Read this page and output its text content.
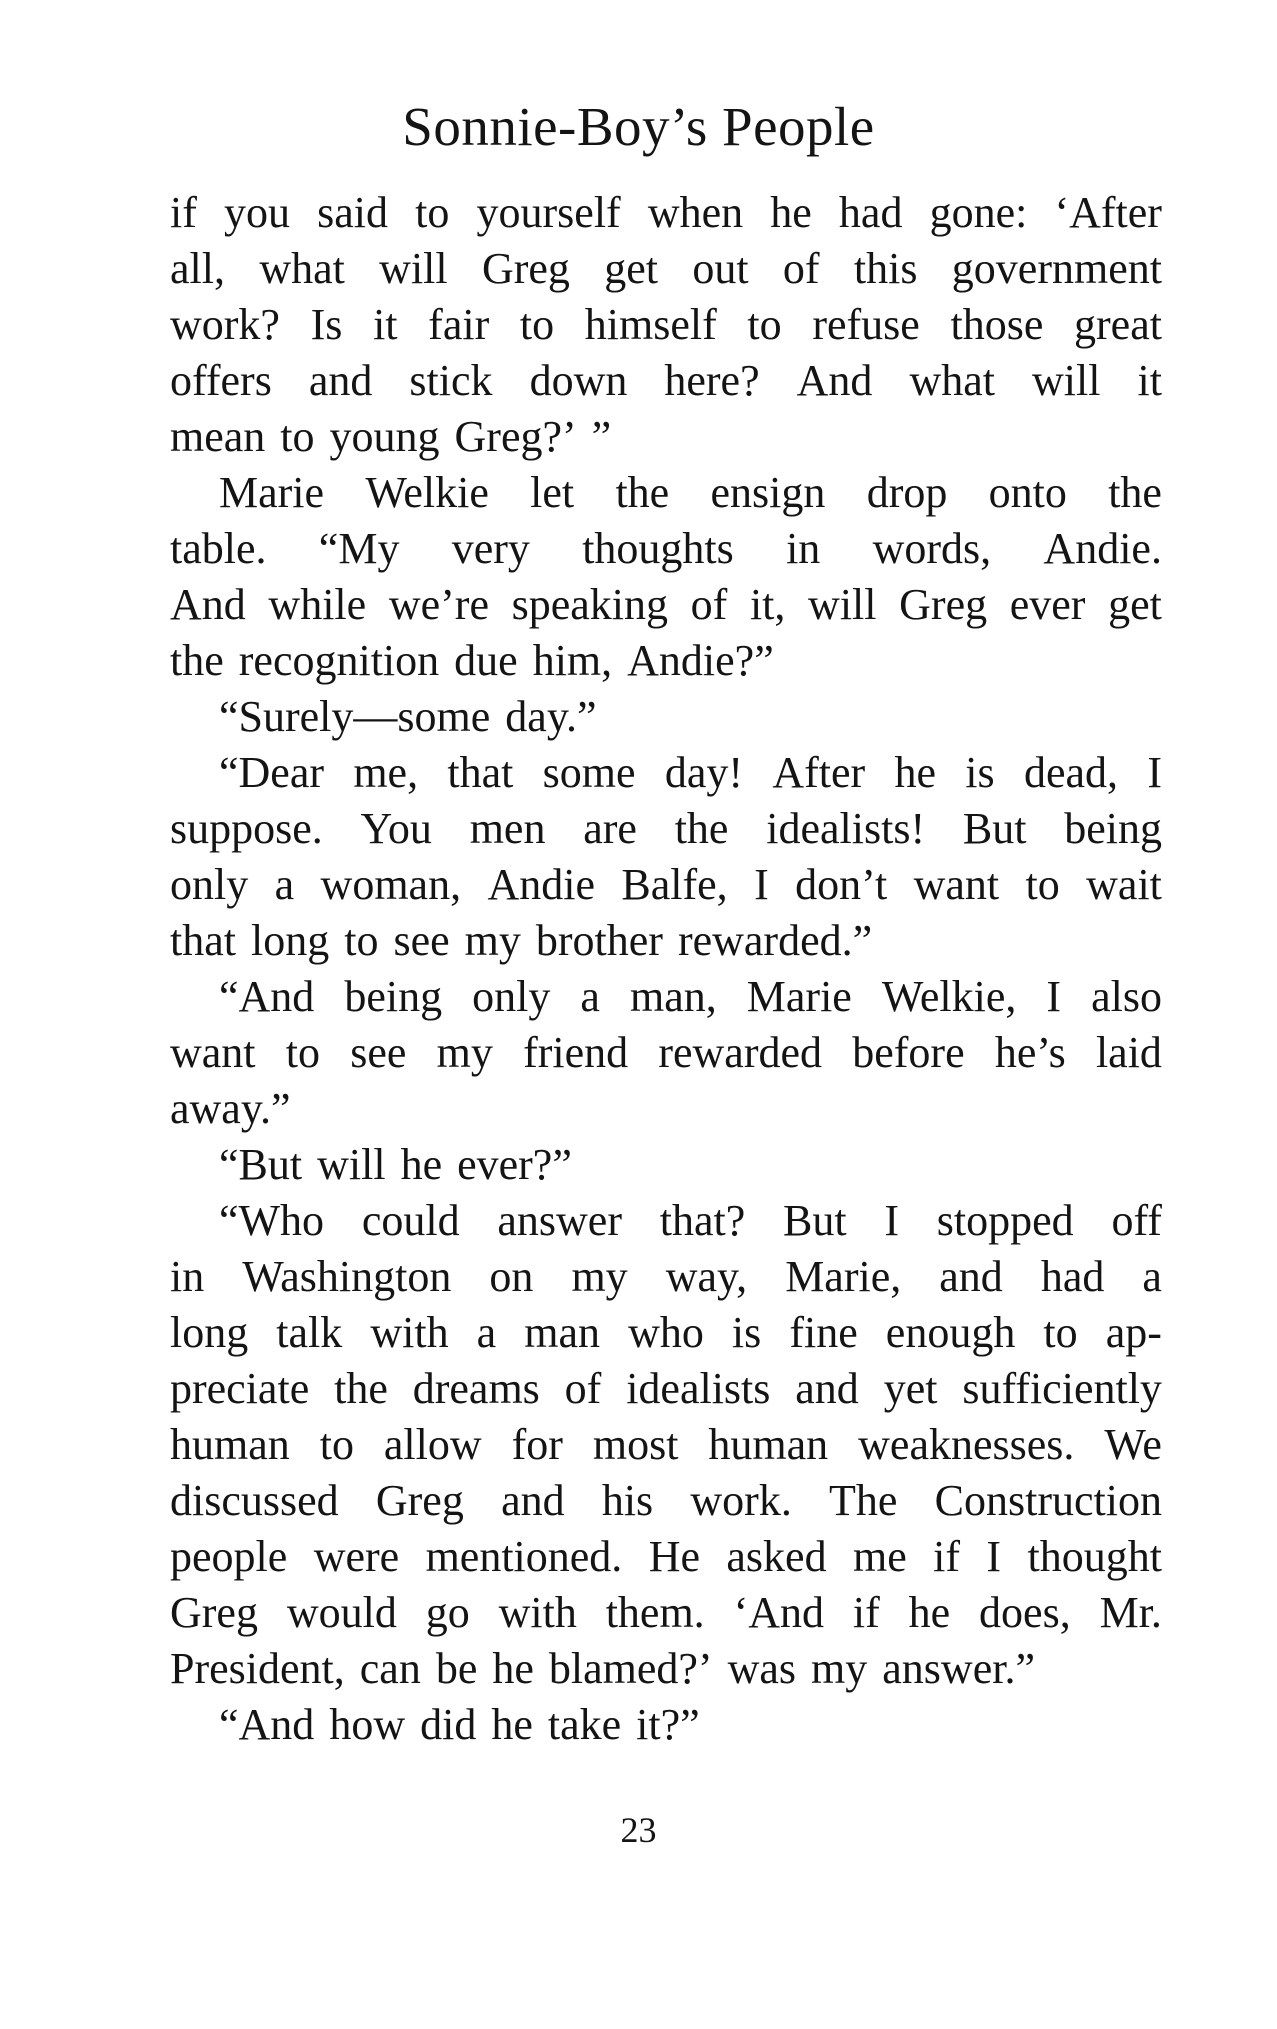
Sonnie-Boy’s People
if you said to yourself when he had gone: ‘After
all, what will Greg get out of this government
work? Is it fair to himself to refuse those great
offers and stick down here? And what will it
mean to young Greg?’ ”
Marie Welkie let the ensign drop onto the
table. “My very thoughts in words, Andie.
And while we’re speaking of it, will Greg ever get
the recognition due him, Andie?”
“Surely—some day.”
“Dear me, that some day! After he is dead, I
suppose. You men are the idealists! But being
only a woman, Andie Balfe, I don’t want to wait
that long to see my brother rewarded.”
“And being only a man, Marie Welkie, I also
want to see my friend rewarded before he’s laid
away.”
“But will he ever?”
“Who could answer that? But I stopped off
in Washington on my way, Marie, and had a
long talk with a man who is fine enough to ap-
preciate the dreams of idealists and yet sufficiently
human to allow for most human weaknesses. We
discussed Greg and his work. The Construction
people were mentioned. He asked me if I thought
Greg would go with them. ‘And if he does, Mr.
President, can be he blamed?’ was my answer.”
“And how did he take it?”
23
